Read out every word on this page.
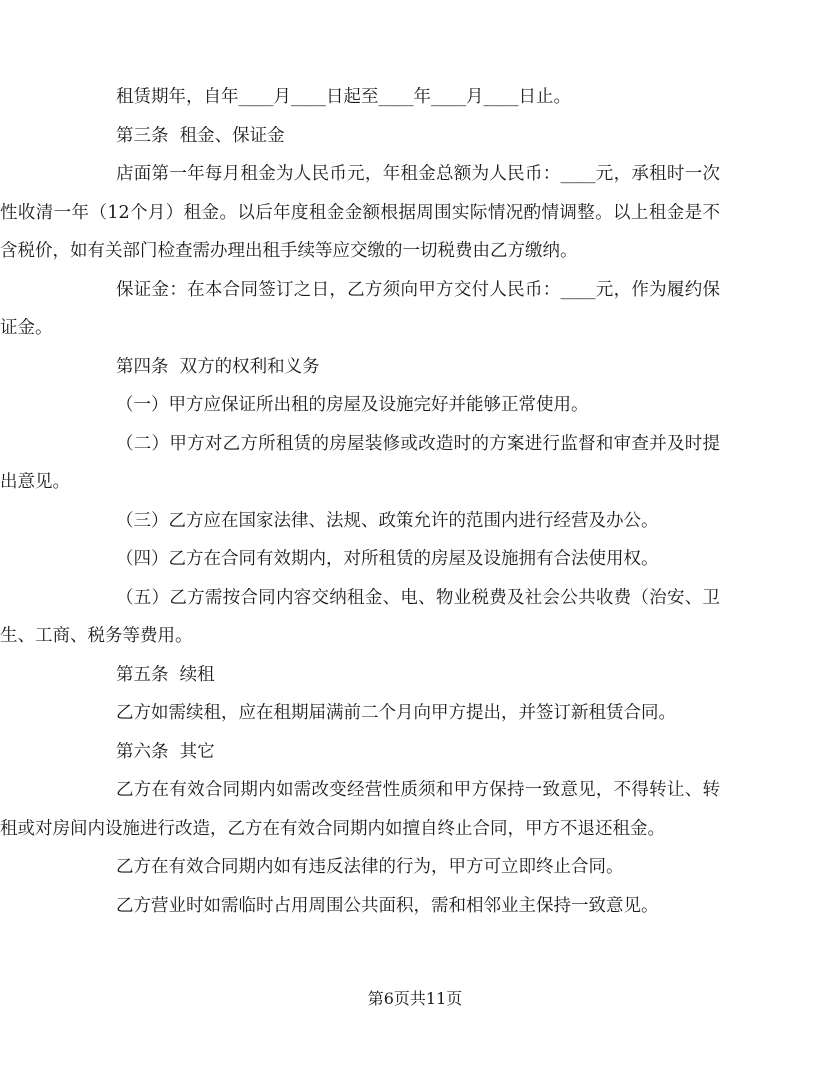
租赁期年，自年____月____日起至____年____月____日止。

第三条  租金、保证金

店面第一年每月租金为人民币元，年租金总额为人民币：____元，承租时一次性收清一年（12个月）租金。以后年度租金金额根据周围实际情况酌情调整。以上租金是不含税价，如有关部门检查需办理出租手续等应交缴的一切税费由乙方缴纳。

保证金：在本合同签订之日，乙方须向甲方交付人民币：____元，作为履约保证金。

第四条  双方的权利和义务

（一）甲方应保证所出租的房屋及设施完好并能够正常使用。

（二）甲方对乙方所租赁的房屋装修或改造时的方案进行监督和审查并及时提出意见。

（三）乙方应在国家法律、法规、政策允许的范围内进行经营及办公。

（四）乙方在合同有效期内，对所租赁的房屋及设施拥有合法使用权。

（五）乙方需按合同内容交纳租金、电、物业税费及社会公共收费（治安、卫生、工商、税务等费用。

第五条  续租

乙方如需续租，应在租期届满前二个月向甲方提出，并签订新租赁合同。

第六条  其它

乙方在有效合同期内如需改变经营性质须和甲方保持一致意见，不得转让、转租或对房间内设施进行改造，乙方在有效合同期内如擅自终止合同，甲方不退还租金。

乙方在有效合同期内如有违反法律的行为，甲方可立即终止合同。

乙方营业时如需临时占用周围公共面积，需和相邻业主保持一致意见。

第6页共11页
